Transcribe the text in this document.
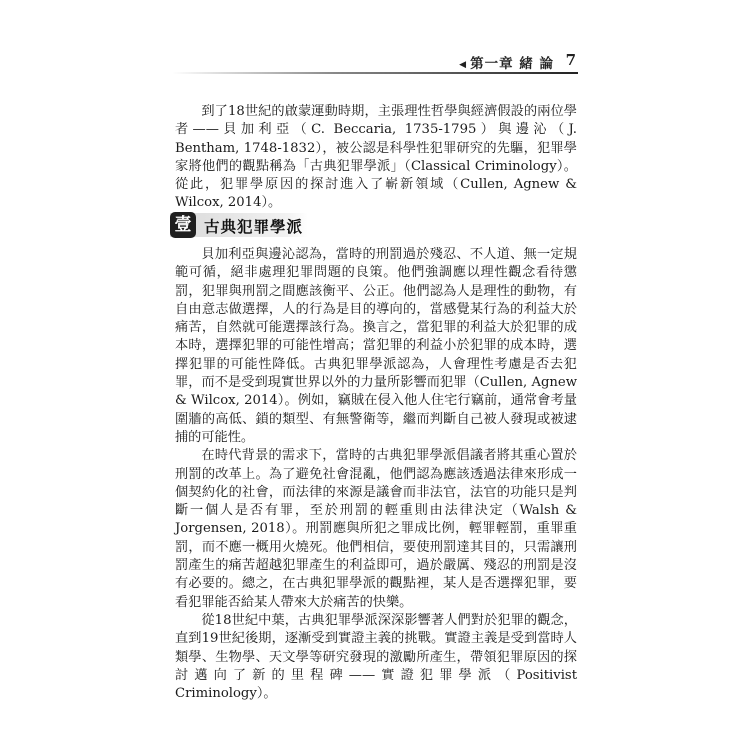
◀ 第一章 緒 論 7

到了18世紀的啟蒙運動時期，主張理性哲學與經濟假設的兩位學者——貝加利亞（C. Beccaria, 1735-1795）與邊沁（J. Bentham, 1748-1832），被公認是科學性犯罪研究的先驅，犯罪學家將他們的觀點稱為「古典犯罪學派」（Classical Criminology）。從此，犯罪學原因的探討進入了嶄新領域（Cullen, Agnew & Wilcox, 2014）。

壹 古典犯罪學派

貝加利亞與邊沁認為，當時的刑罰過於殘忍、不人道、無一定規範可循，絕非處理犯罪問題的良策。他們強調應以理性觀念看待懲罰，犯罪與刑罰之間應該衡平、公正。他們認為人是理性的動物，有自由意志做選擇，人的行為是目的導向的，當感覺某行為的利益大於痛苦，自然就可能選擇該行為。換言之，當犯罪的利益大於犯罪的成本時，選擇犯罪的可能性增高；當犯罪的利益小於犯罪的成本時，選擇犯罪的可能性降低。古典犯罪學派認為，人會理性考慮是否去犯罪，而不是受到現實世界以外的力量所影響而犯罪（Cullen, Agnew & Wilcox, 2014）。例如，竊賊在侵入他人住宅行竊前，通常會考量圍牆的高低、鎖的類型、有無警衛等，繼而判斷自己被人發現或被逮捕的可能性。

在時代背景的需求下，當時的古典犯罪學派倡議者將其重心置於刑罰的改革上。為了避免社會混亂，他們認為應該透過法律來形成一個契約化的社會，而法律的來源是議會而非法官，法官的功能只是判斷一個人是否有罪，至於刑罰的輕重則由法律決定（Walsh & Jorgensen, 2018）。刑罰應與所犯之罪成比例，輕罪輕罰，重罪重罰，而不應一概用火燒死。他們相信，要使刑罰達其目的，只需讓刑罰產生的痛苦超越犯罪產生的利益即可，過於嚴厲、殘忍的刑罰是沒有必要的。總之，在古典犯罪學派的觀點裡，某人是否選擇犯罪，要看犯罪能否給某人帶來大於痛苦的快樂。

從18世紀中葉，古典犯罪學派深深影響著人們對於犯罪的觀念，直到19世紀後期，逐漸受到實證主義的挑戰。實證主義是受到當時人類學、生物學、天文學等研究發現的激勵所產生，帶領犯罪原因的探討邁向了新的里程碑——實證犯罪學派（Positivist Criminology）。
